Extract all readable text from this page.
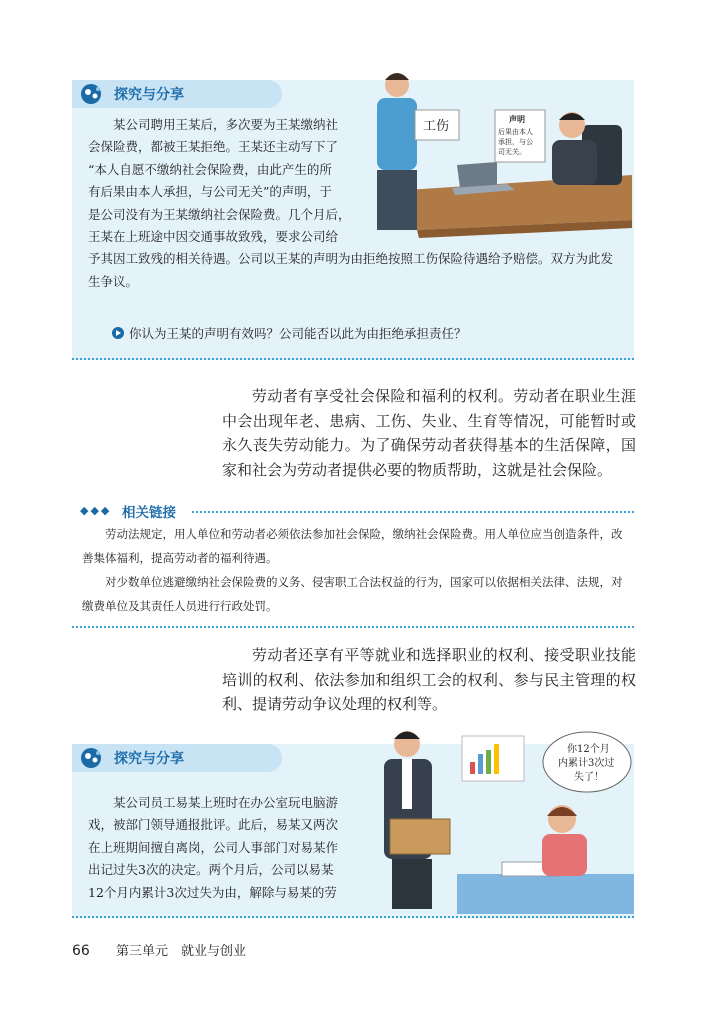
探究与分享

某公司聘用王某后，多次要为王某缴纳社

会保险费，都被王某拒绝。王某还主动写下了

“本人自愿不缴纳社会保险费，由此产生的所

有后果由本人承担，与公司无关”的声明，于

是公司没有为王某缴纳社会保险费。几个月后，

王某在上班途中因交通事故致残，要求公司给

予其因工致残的相关待遇。公司以王某的声明为由拒绝按照工伤保险待遇给予赔偿。双方为此发

生争议。

你认为王某的声明有效吗？公司能否以此为由拒绝承担责任？
工伤	声明
后果由本人
承担，与公
司无关。

劳动者有享受社会保险和福利的权利。劳动者在职业生涯中会出现年老、患病、工伤、失业、生育等情况，可能暂时或永久丧失劳动能力。为了确保劳动者获得基本的生活保障，国家和社会为劳动者提供必要的物质帮助，这就是社会保险。

◆◆◆ 相关链接

劳动法规定，用人单位和劳动者必须依法参加社会保险，缴纳社会保险费。用人单位应当创造条件，改善集体福利，提高劳动者的福利待遇。

对少数单位逃避缴纳社会保险费的义务、侵害职工合法权益的行为，国家可以依据相关法律、法规，对缴费单位及其责任人员进行行政处罚。

劳动者还享有平等就业和选择职业的权利、接受职业技能培训的权利、依法参加和组织工会的权利、参与民主管理的权利、提请劳动争议处理的权利等。

探究与分享

某公司员工易某上班时在办公室玩电脑游

戏，被部门领导通报批评。此后，易某又两次

在上班期间擅自离岗，公司人事部门对易某作

出记过失3次的决定。两个月后，公司以易某

12个月内累计3次过失为由，解除与易某的劳

你12个月
内累计3次过
失了！
66 第三单元　就业与创业
